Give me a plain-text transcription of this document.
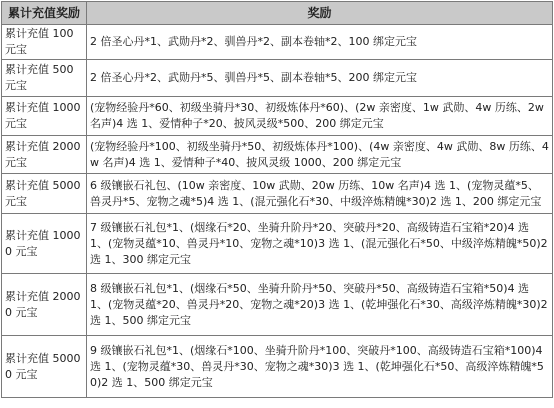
累计充值奖励	奖励
累计充值 100 元宝	2 倍圣心丹*1、武勋丹*2、驯兽丹*2、副本卷轴*2、100 绑定元宝
累计充值 500 元宝	2 倍圣心丹*2、武勋丹*5、驯兽丹*5、副本卷轴*5、200 绑定元宝
累计充值 1000 元宝	(宠物经验丹*60、初级坐骑丹*30、初级炼体丹*60)、(2w 亲密度、1w 武勋、4w 历练、2w 名声)4 选 1、爱情种子*20、披风灵级*500、200 绑定元宝
累计充值 2000 元宝	(宠物经验丹*100、初级坐骑丹*50、初级炼体丹*100)、(4w 亲密度、4w 武勋、8w 历练、4w 名声)4 选 1、爱情种子*40、披风灵级 1000、200 绑定元宝
累计充值 5000 元宝	6 级镶嵌石礼包、(10w 亲密度、10w 武勋、20w 历练、10w 名声)4 选 1、(宠物灵蕴*5、兽灵丹*5、宠物之魂*5)4 选 1、(混元强化石*30、中级淬炼精魄*30)2 选 1、200 绑定元宝
累计充值 10000 元宝	7 级镶嵌石礼包*1、(烟缘石*20、坐骑升阶丹*20、突破丹*20、高级铸造石宝箱*20)4 选 1、(宠物灵蕴*10、兽灵丹*10、宠物之魂*10)3 选 1、(混元强化石*50、中级淬炼精魄*50)2 选 1、300 绑定元宝
累计充值 20000 元宝	8 级镶嵌石礼包*1、(烟缘石*50、坐骑升阶丹*50、突破丹*50、高级铸造石宝箱*50)4 选 1、(宠物灵蕴*20、兽灵丹*20、宠物之魂*20)3 选 1、(乾坤强化石*30、高级淬炼精魄*30)2 选 1、500 绑定元宝
累计充值 50000 元宝	9 级镶嵌石礼包*1、(烟缘石*100、坐骑升阶丹*100、突破丹*100、高级铸造石宝箱*100)4 选 1、(宠物灵蕴*30、兽灵丹*30、宠物之魂*30)3 选 1、(乾坤强化石*50、高级淬炼精魄*50)2 选 1、500 绑定元宝
